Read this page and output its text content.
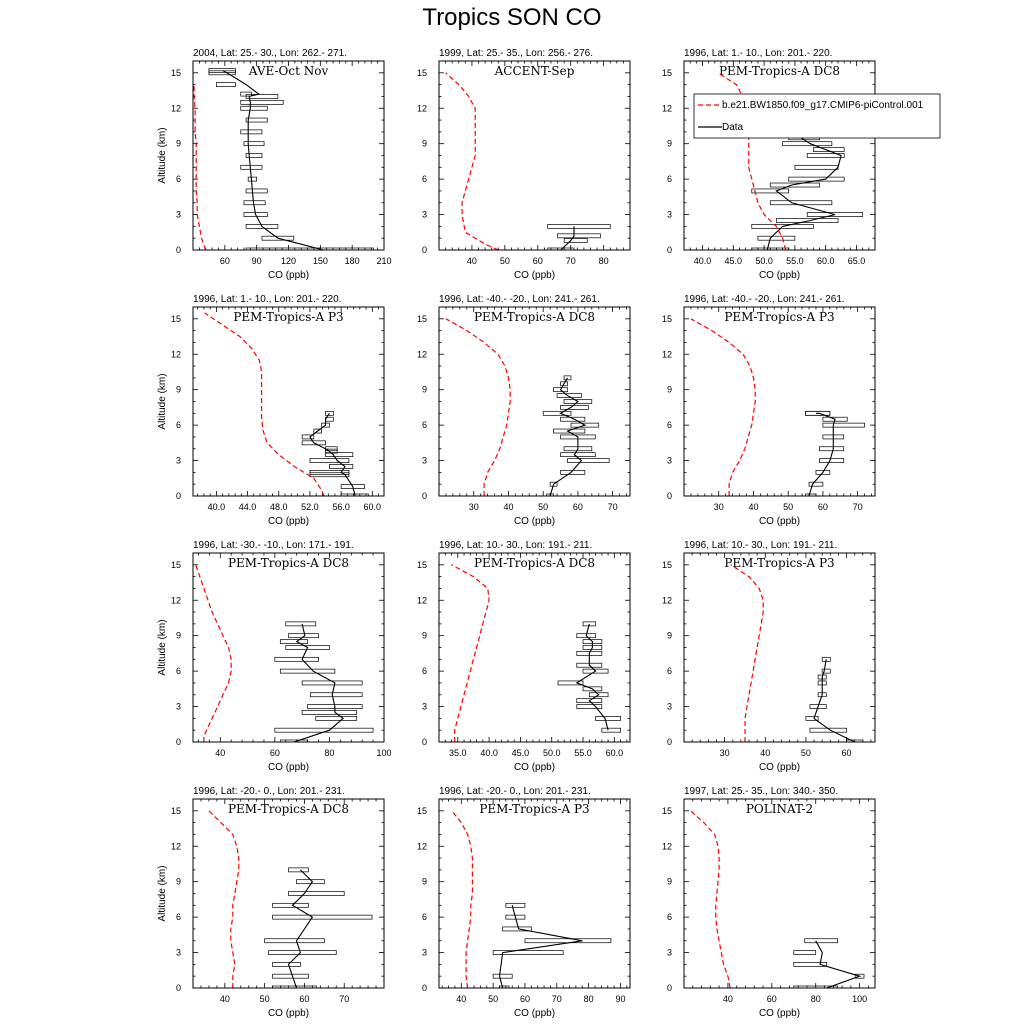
Tropics SON CO
2004, Lat: 25.- 30., Lon: 262.- 271.
AVE-Oct Nov
0
3
6
9
12
15
60 90 120 150 180 210
CO (ppb)
Altitude (km)
1999, Lat: 25.- 35., Lon: 256.- 276.
ACCENT-Sep
0
3
6
9
12
15
40	50	60	70	80
CO (ppb)
1996, Lat: 1.- 10., Lon: 201.- 220.
PEM-Tropics-A DC8
0
3
6
9
12
15
40.0 45.0 50.0 55.0 60.0 65.0
CO (ppb)
1996, Lat: 1.- 10., Lon: 201.- 220.
PEM-Tropics-A P3
0
3
6
9
12
15
40.0 44.0 48.0 52.0 56.0 60.0
CO (ppb)
Altitude (km)
1996, Lat: -40.- -20., Lon: 241.- 261.
PEM-Tropics-A DC8
0
3
6
9
12
15
30	40	50	60	70
CO (ppb)
1996, Lat: -40.- -20., Lon: 241.- 261.
PEM-Tropics-A P3
0
3
6
9
12
15
30	40	50	60	70
CO (ppb)
1996, Lat: -30.- -10., Lon: 171.- 191.
PEM-Tropics-A DC8
0
3
6
9
12
15
40	60	80	100
CO (ppb)
Altitude (km)
1996, Lat: 10.- 30., Lon: 191.- 211.
PEM-Tropics-A DC8
0
3
6
9
12
15
35.0 40.0 45.0 50.0 55.0 60.0
CO (ppb)
1996, Lat: 10.- 30., Lon: 191.- 211.
PEM-Tropics-A P3
0
3
6
9
12
15
30	40	50	60
CO (ppb)
1996, Lat: -20.- 0., Lon: 201.- 231.
PEM-Tropics-A DC8
0
3
6
9
12
15
40	50	60	70
CO (ppb)
Altitude (km)
1996, Lat: -20.- 0., Lon: 201.- 231.
PEM-Tropics-A P3
0
3
6
9
12
15
40 50 60 70 80 90
CO (ppb)
1997, Lat: 25.- 35., Lon: 340.- 350.
POLINAT-2
0
3
6
9
12
15
40	60	80	100
CO (ppb)
b.e21.BW1850.f09_g17.CMIP6-piControl.001
Data
